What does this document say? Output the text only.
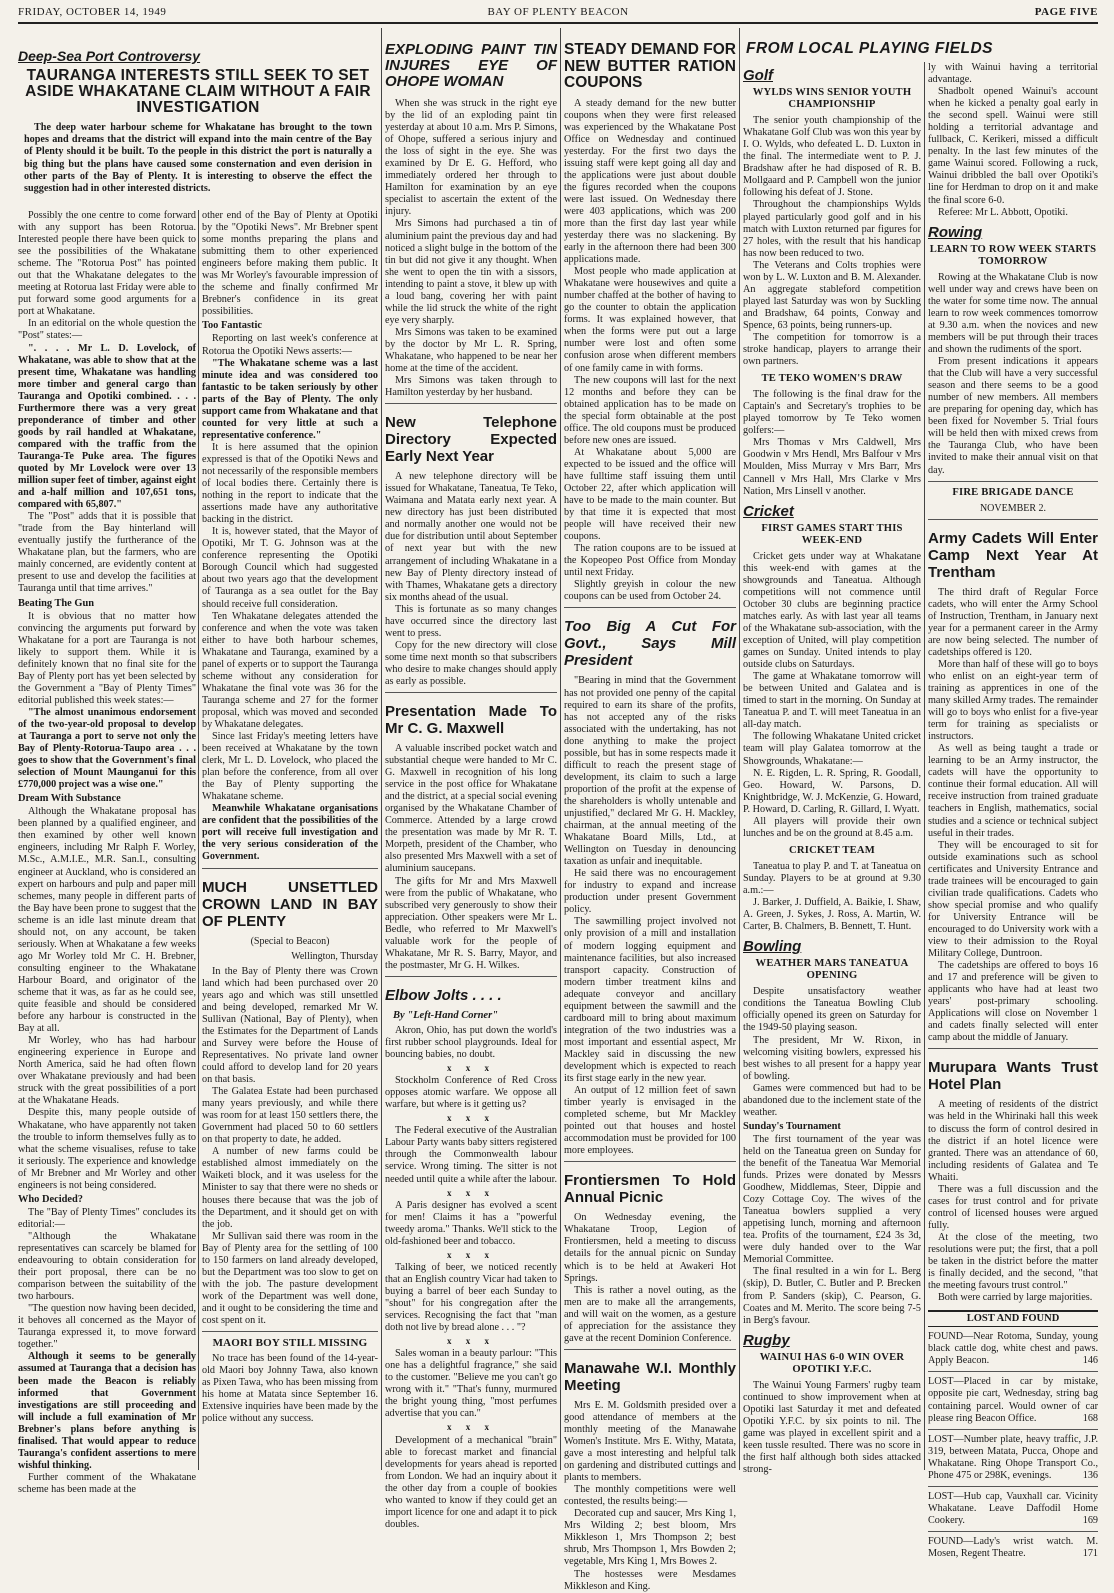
FRIDAY, OCTOBER 14, 1949	BAY OF PLENTY BEACON	PAGE FIVE
Deep-Sea Port Controversy
TAURANGA INTERESTS STILL SEEK TO SET ASIDE WHAKATANE CLAIM WITHOUT A FAIR INVESTIGATION

The deep water harbour scheme for Whakatane has brought to the town hopes and dreams that the district will expand into the main centre of the Bay of Plenty should it be built. To the people in this district the port is naturally a big thing but the plans have caused some consternation and even derision in other parts of the Bay of Plenty. It is interesting to observe the effect the suggestion had in other interested districts.

Possibly the one centre to come forward with any support has been Rotorua. Interested people there have been quick to see the possibilities of the Whakatane scheme. The "Rotorua Post" has pointed out that the Whakatane delegates to the meeting at Rotorua last Friday were able to put forward some good arguments for a port at Whakatane.

In an editorial on the whole question the "Post" states:—

". . . . Mr L. D. Lovelock, of Whakatane, was able to show that at the present time, Whakatane was handling more timber and general cargo than Tauranga and Opotiki combined. . . . Furthermore there was a very great preponderance of timber and other goods by rail handled at Whakatane, compared with the traffic from the Tauranga-Te Puke area. The figures quoted by Mr Lovelock were over 13 million super feet of timber, against eight and a-half million and 107,651 tons, compared with 65,807."

The "Post" adds that it is possible that "trade from the Bay hinterland will eventually justify the furtherance of the Whakatane plan, but the farmers, who are mainly concerned, are evidently content at present to use and develop the facilities at Tauranga until that time arrives."

Beating The Gun

It is obvious that no matter how convincing the arguments put forward by Whakatane for a port are Tauranga is not likely to support them. While it is definitely known that no final site for the Bay of Plenty port has yet been selected by the Government a "Bay of Plenty Times" editorial published this week states:—

"The almost unanimous endorsement of the two-year-old proposal to develop at Tauranga a port to serve not only the Bay of Plenty-Rotorua-Taupo area . . . goes to show that the Government's final selection of Mount Maunganui for this £770,000 project was a wise one."

Dream With Substance

Although the Whakatane proposal has been planned by a qualified engineer, and then examined by other well known engineers, including Mr Ralph F. Worley, M.Sc., A.M.I.E., M.R. San.I., consulting engineer at Auckland, who is considered an expert on harbours and pulp and paper mill schemes, many people in different parts of the Bay have been prone to suggest that the scheme is an idle last minute dream that should not, on any account, be taken seriously. When at Whakatane a few weeks ago Mr Worley told Mr C. H. Brebner, consulting engineer to the Whakatane Harbour Board, and originator of the scheme that it was, as far as he could see, quite feasible and should be considered before any harbour is constructed in the Bay at all.

Mr Worley, who has had harbour engineering experience in Europe and North America, said he had often flown over Whakatane previously and had been struck with the great possibilities of a port at the Whakatane Heads.

Despite this, many people outside of Whakatane, who have apparently not taken the trouble to inform themselves fully as to what the scheme visualises, refuse to take it seriously. The experience and knowledge of Mr Brebner and Mr Worley and other engineers is not being considered.

Who Decided?

The "Bay of Plenty Times" concludes its editorial:—

"Although the Whakatane representatives can scarcely be blamed for endeavouring to obtain consideration for their port proposal, there can be no comparison between the suitability of the two harbours.

"The question now having been decided, it behoves all concerned as the Mayor of Tauranga expressed it, to move forward together."

Although it seems to be generally assumed at Tauranga that a decision has been made the Beacon is reliably informed that Government investigations are still proceeding and will include a full examination of Mr Brebner's plans before anything is finalised. That would appear to reduce Tauranga's confident assertions to mere wishful thinking.

Further comment of the Whakatane scheme has been made at the

other end of the Bay of Plenty at Opotiki by the "Opotiki News". Mr Brebner spent some months preparing the plans and submitting them to other experienced engineers before making them public. It was Mr Worley's favourable impression of the scheme and finally confirmed Mr Brebner's confidence in its great possibilities.

Too Fantastic

Reporting on last week's conference at Rotorua the Opotiki News asserts:—

"The Whakatane scheme was a last minute idea and was considered too fantastic to be taken seriously by other parts of the Bay of Plenty. The only support came from Whakatane and that counted for very little at such a representative conference."

It is here assumed that the opinion expressed is that of the Opotiki News and not necessarily of the responsible members of local bodies there. Certainly there is nothing in the report to indicate that the assertions made have any authoritative backing in the district.

It is, however stated, that the Mayor of Opotiki, Mr T. G. Johnson was at the conference representing the Opotiki Borough Council which had suggested about two years ago that the development of Tauranga as a sea outlet for the Bay should receive full consideration.

Ten Whakatane delegates attended the conference and when the vote was taken either to have both harbour schemes, Whakatane and Tauranga, examined by a panel of experts or to support the Tauranga scheme without any consideration for Whakatane the final vote was 36 for the Tauranga scheme and 27 for the former proposal, which was moved and seconded by Whakatane delegates.

Since last Friday's meeting letters have been received at Whakatane by the town clerk, Mr L. D. Lovelock, who placed the plan before the conference, from all over the Bay of Plenty supporting the Whakatane scheme.

Meanwhile Whakatane organisations are confident that the possibilities of the port will receive full investigation and the very serious consideration of the Government.

MUCH UNSETTLED CROWN LAND IN BAY OF PLENTY
(Special to Beacon)
Wellington, Thursday

In the Bay of Plenty there was Crown land which had been purchased over 20 years ago and which was still unsettled and being developed, remarked Mr W. Sullivan (National, Bay of Plenty), when the Estimates for the Department of Lands and Survey were before the House of Representatives. No private land owner could afford to develop land for 20 years on that basis.

The Galatea Estate had been purchased many years previously, and while there was room for at least 150 settlers there, the Government had placed 50 to 60 settlers on that property to date, he added.

A number of new farms could be established almost immediately on the Waiketi block, and it was useless for the Minister to say that there were no sheds or houses there because that was the job of the Department, and it should get on with the job.

Mr Sullivan said there was room in the Bay of Plenty area for the settling of 100 to 150 farmers on land already developed, but the Department was too slow to get on with the job. The pasture development work of the Department was well done, and it ought to be considering the time and cost spent on it.

MAORI BOY STILL MISSING

No trace has been found of the 14-year-old Maori boy Johnny Tawa, also known as Pixen Tawa, who has been missing from his home at Matata since September 16. Extensive inquiries have been made by the police without any success.

EXPLODING PAINT TIN INJURES EYE OF OHOPE WOMAN

When she was struck in the right eye by the lid of an exploding paint tin yesterday at about 10 a.m. Mrs P. Simons, of Ohope, suffered a serious injury and the loss of sight in the eye. She was examined by Dr E. G. Hefford, who immediately ordered her through to Hamilton for examination by an eye specialist to ascertain the extent of the injury.

Mrs Simons had purchased a tin of aluminium paint the previous day and had noticed a slight bulge in the bottom of the tin but did not give it any thought. When she went to open the tin with a sissors, intending to paint a stove, it blew up with a loud bang, covering her with paint while the lid struck the white of the right eye very sharply.

Mrs Simons was taken to be examined by the doctor by Mr L. R. Spring, Whakatane, who happened to be near her home at the time of the accident.

Mrs Simons was taken through to Hamilton yesterday by her husband.

New Telephone Directory Expected Early Next Year

A new telephone directory will be issued for Whakatane, Taneatua, Te Teko, Waimana and Matata early next year. A new directory has just been distributed and normally another one would not be due for distribution until about September of next year but with the new arrangement of including Whakatane in a new Bay of Plenty directory instead of with Thames, Whakatane gets a directory six months ahead of the usual.

This is fortunate as so many changes have occurred since the directory last went to press.

Copy for the new directory will close some time next month so that subscribers who desire to make changes should apply as early as possible.

Presentation Made To Mr C. G. Maxwell

A valuable inscribed pocket watch and substantial cheque were handed to Mr C. G. Maxwell in recognition of his long service in the post office for Whakatane and the district, at a special social evening organised by the Whakatane Chamber of Commerce. Attended by a large crowd the presentation was made by Mr R. T. Morpeth, president of the Chamber, who also presented Mrs Maxwell with a set of aluminium saucepans.

The gifts for Mr and Mrs Maxwell were from the public of Whakatane, who subscribed very generously to show their appreciation. Other speakers were Mr L. Bedle, who referred to Mr Maxwell's valuable work for the people of Whakatane, Mr R. S. Barry, Mayor, and the postmaster, Mr G. H. Wilkes.

Elbow Jolts . . . .
By "Left-Hand Corner"

Akron, Ohio, has put down the world's first rubber school playgrounds. Ideal for bouncing babies, no doubt.

x x x

Stockholm Conference of Red Cross opposes atomic warfare. We oppose all warfare, but where is it getting us?

x x x

The Federal executive of the Australian Labour Party wants baby sitters registered through the Commonwealth labour service. Wrong timing. The sitter is not needed until quite a while after the labour.

x x x

A Paris designer has evolved a scent for men! Claims it has a "powerful tweedy aroma." Thanks. We'll stick to the old-fashioned beer and tobacco.

x x x

Talking of beer, we noticed recently that an English country Vicar had taken to buying a barrel of beer each Sunday to "shout" for his congregation after the services. Recognising the fact that "man doth not live by bread alone . . . "?

x x x

Sales woman in a beauty parlour: "This one has a delightful fragrance," she said to the customer. "Believe me you can't go wrong with it." "That's funny, murmured the bright young thing, "most perfumes advertise that you can."

x x x

Development of a mechanical "brain" able to forecast market and financial developments for years ahead is reported from London. We had an inquiry about it the other day from a couple of bookies who wanted to know if they could get an import licence for one and adapt it to pick doubles.

STEADY DEMAND FOR NEW BUTTER RATION COUPONS

A steady demand for the new butter coupons when they were first released was experienced by the Whakatane Post Office on Wednesday and continued yesterday. For the first two days the issuing staff were kept going all day and the applications were just about double the figures recorded when the coupons were last issued. On Wednesday there were 403 applications, which was 200 more than the first day last year while yesterday there was no slackening. By early in the afternoon there had been 300 applications made.

Most people who made application at Whakatane were housewives and quite a number chaffed at the bother of having to go the counter to obtain the application forms. It was explained however, that when the forms were put out a large number were lost and often some confusion arose when different members of one family came in with forms.

The new coupons will last for the next 12 months and before they can be obtained application has to be made on the special form obtainable at the post office. The old coupons must be produced before new ones are issued.

At Whakatane about 5,000 are expected to be issued and the office will have fulltime staff issuing them until October 22, after which application will have to be made to the main counter. But by that time it is expected that most people will have received their new coupons.

The ration coupons are to be issued at the Kopeopeo Post Office from Monday until next Friday.

Slightly greyish in colour the new coupons can be used from October 24.

Too Big A Cut For Govt., Says Mill President

"Bearing in mind that the Government has not provided one penny of the capital required to earn its share of the profits, has not accepted any of the risks associated with the undertaking, has not done anything to make the project possible, but has in some respects made it difficult to reach the present stage of development, its claim to such a large proportion of the profit at the expense of the shareholders is wholly untenable and unjustified," declared Mr G. H. Mackley, chairman, at the annual meeting of the Whakatane Board Mills, Ltd., at Wellington on Tuesday in denouncing taxation as unfair and inequitable.

He said there was no encouragement for industry to expand and increase production under present Government policy.

The sawmilling project involved not only provision of a mill and installation of modern logging equipment and maintenance facilities, but also increased transport capacity. Construction of modern timber treatment kilns and adequate conveyor and ancillary equipment between the sawmill and the cardboard mill to bring about maximum integration of the two industries was a most important and essential aspect, Mr Mackley said in discussing the new development which is expected to reach its first stage early in the new year.

An output of 12 million feet of sawn timber yearly is envisaged in the completed scheme, but Mr Mackley pointed out that houses and hostel accommodation must be provided for 100 more employees.

Frontiersmen To Hold Annual Picnic

On Wednesday evening, the Whakatane Troop, Legion of Frontiersmen, held a meeting to discuss details for the annual picnic on Sunday which is to be held at Awakeri Hot Springs.

This is rather a novel outing, as the men are to make all the arrangements, and will wait on the women, as a gesture of appreciation for the assistance they gave at the recent Dominion Conference.

Manawahe W.I. Monthly Meeting

Mrs E. M. Goldsmith presided over a good attendance of members at the monthly meeting of the Manawahe Women's Institute. Mrs E. Withy, Matata, gave a most interesting and helpful talk on gardening and distributed cuttings and plants to members.

The monthly competitions were well contested, the results being:—

Decorated cup and saucer, Mrs King 1, Mrs Wilding 2; best bloom, Mrs Mikkleson 1, Mrs Thompson 2; best shrub, Mrs Thompson 1, Mrs Bowden 2; vegetable, Mrs King 1, Mrs Bowes 2.

The hostesses were Mesdames Mikkleson and King.

FROM LOCAL PLAYING FIELDS
Golf
WYLDS WINS SENIOR YOUTH CHAMPIONSHIP

The senior youth championship of the Whakatane Golf Club was won this year by I. O. Wylds, who defeated L. D. Luxton in the final. The intermediate went to P. J. Bradshaw after he had disposed of R. B. Mollgaard and P. Campbell won the junior following his defeat of J. Stone.

Throughout the championships Wylds played particularly good golf and in his match with Luxton returned par figures for 27 holes, with the result that his handicap has now been reduced to two.

The Veterans and Colts trophies were won by L. W. Luxton and B. M. Alexander. An aggregate stableford competition played last Saturday was won by Suckling and Bradshaw, 64 points, Conway and Spence, 63 points, being runners-up.

The competition for tomorrow is a stroke handicap, players to arrange their own partners.

TE TEKO WOMEN'S DRAW

The following is the final draw for the Captain's and Secretary's trophies to be played tomorrow by Te Teko women golfers:—

Mrs Thomas v Mrs Caldwell, Mrs Goodwin v Mrs Hendl, Mrs Balfour v Mrs Moulden, Miss Murray v Mrs Barr, Mrs Cannell v Mrs Hall, Mrs Clarke v Mrs Nation, Mrs Linsell v another.

Cricket
FIRST GAMES START THIS WEEK-END

Cricket gets under way at Whakatane this week-end with games at the showgrounds and Taneatua. Although competitions will not commence until October 30 clubs are beginning practice matches early. As with last year all teams of the Whakatane sub-association, with the exception of United, will play competition games on Sunday. United intends to play outside clubs on Saturdays.

The game at Whakatane tomorrow will be between United and Galatea and is timed to start in the morning. On Sunday at Taneatua P. and T. will meet Taneatua in an all-day match.

The following Whakatane United cricket team will play Galatea tomorrow at the Showgrounds, Whakatane:—

N. E. Rigden, L. R. Spring, R. Goodall, Geo. Howard, W. Parsons, D. Knightbridge, W. J. McKenzie, G. Howard, P. Howard, D. Carling, R. Gillard, I. Wyatt.

All players will provide their own lunches and be on the ground at 8.45 a.m.

CRICKET TEAM

Taneatua to play P. and T. at Taneatua on Sunday. Players to be at ground at 9.30 a.m.:—

J. Barker, J. Duffield, A. Baikie, I. Shaw, A. Green, J. Sykes, J. Ross, A. Martin, W. Carter, B. Chalmers, B. Bennett, T. Hunt.

Bowling
WEATHER MARS TANEATUA OPENING

Despite unsatisfactory weather conditions the Taneatua Bowling Club officially opened its green on Saturday for the 1949-50 playing season.

The president, Mr W. Rixon, in welcoming visiting bowlers, expressed his best wishes to all present for a happy year of bowling.

Games were commenced but had to be abandoned due to the inclement state of the weather.

Sunday's Tournament

The first tournament of the year was held on the Taneatua green on Sunday for the benefit of the Taneatua War Memorial funds. Prizes were donated by Messrs Goodhew, Middlemas, Steer, Dippie and Cozy Cottage Coy. The wives of the Taneatua bowlers supplied a very appetising lunch, morning and afternoon tea. Profits of the tournament, £24 3s 3d, were duly handed over to the War Memorial Committee.

The final resulted in a win for L. Berg (skip), D. Butler, C. Butler and P. Brecken from P. Sanders (skip), C. Pearson, G. Coates and M. Merito. The score being 7-5 in Berg's favour.

Rugby
WAINUI HAS 6-0 WIN OVER OPOTIKI Y.F.C.

The Wainui Young Farmers' rugby team continued to show improvement when at Opotiki last Saturday it met and defeated Opotiki Y.F.C. by six points to nil. The game was played in excellent spirit and a keen tussle resulted. There was no score in the first half although both sides attacked strong-

ly with Wainui having a territorial advantage.

Shadbolt opened Wainui's account when he kicked a penalty goal early in the second spell. Wainui were still holding a territorial advantage and fullback, C. Kerikeri, missed a difficult penalty. In the last few minutes of the game Wainui scored. Following a ruck, Wainui dribbled the ball over Opotiki's line for Herdman to drop on it and make the final score 6-0.

Referee: Mr L. Abbott, Opotiki.

Rowing
LEARN TO ROW WEEK STARTS TOMORROW

Rowing at the Whakatane Club is now well under way and crews have been on the water for some time now. The annual learn to row week commences tomorrow at 9.30 a.m. when the novices and new members will be put through their traces and shown the rudiments of the sport.

From present indications it appears that the Club will have a very successful season and there seems to be a good number of new members. All members are preparing for opening day, which has been fixed for November 5. Trial fours will be held then with mixed crews from the Tauranga Club, who have been invited to make their annual visit on that day.

FIRE BRIGADE DANCE
NOVEMBER 2.
Army Cadets Will Enter Camp Next Year At Trentham

The third draft of Regular Force cadets, who will enter the Army School of Instruction, Trentham, in January next year for a permanent career in the Army are now being selected. The number of cadetships offered is 120.

More than half of these will go to boys who enlist on an eight-year term of training as apprentices in one of the many skilled Army trades. The remainder will go to boys who enlist for a five-year term for training as specialists or instructors.

As well as being taught a trade or learning to be an Army instructor, the cadets will have the opportunity to continue their formal education. All will receive instruction from trained graduate teachers in English, mathematics, social studies and a science or technical subject useful in their trades.

They will be encouraged to sit for outside examinations such as school certificates and University Entrance and trade trainees will be encouraged to gain civilian trade qualifications. Cadets who show special promise and who qualify for University Entrance will be encouraged to do University work with a view to their admission to the Royal Military College, Duntroon.

The cadetships are offered to boys 16 and 17 and preference will be given to applicants who have had at least two years' post-primary schooling. Applications will close on November 1 and cadets finally selected will enter camp about the middle of January.

Murupara Wants Trust Hotel Plan

A meeting of residents of the district was held in the Whirinaki hall this week to discuss the form of control desired in the district if an hotel licence were granted. There was an attendance of 60, including residents of Galatea and Te Whaiti.

There was a full discussion and the cases for trust control and for private control of licensed houses were argued fully.

At the close of the meeting, two resolutions were put; the first, that a poll be taken in the district before the matter is finally decided, and the second, "that the meeting favours trust control."

Both were carried by large majorities.

LOST AND FOUND

FOUND—Near Rotoma, Sunday, young black cattle dog, white chest and paws. Apply Beacon.	146

LOST—Placed in car by mistake, opposite pie cart, Wednesday, string bag containing parcel. Would owner of car please ring Beacon Office.	168

LOST—Number plate, heavy traffic, J.P. 319, between Matata, Pucca, Ohope and Whakatane. Ring Ohope Transport Co., Phone 475 or 298K, evenings.	136

LOST—Hub cap, Vauxhall car. Vicinity Whakatane. Leave Daffodil Home Cookery.	169

FOUND—Lady's wrist watch. M. Mosen, Regent Theatre.	171
